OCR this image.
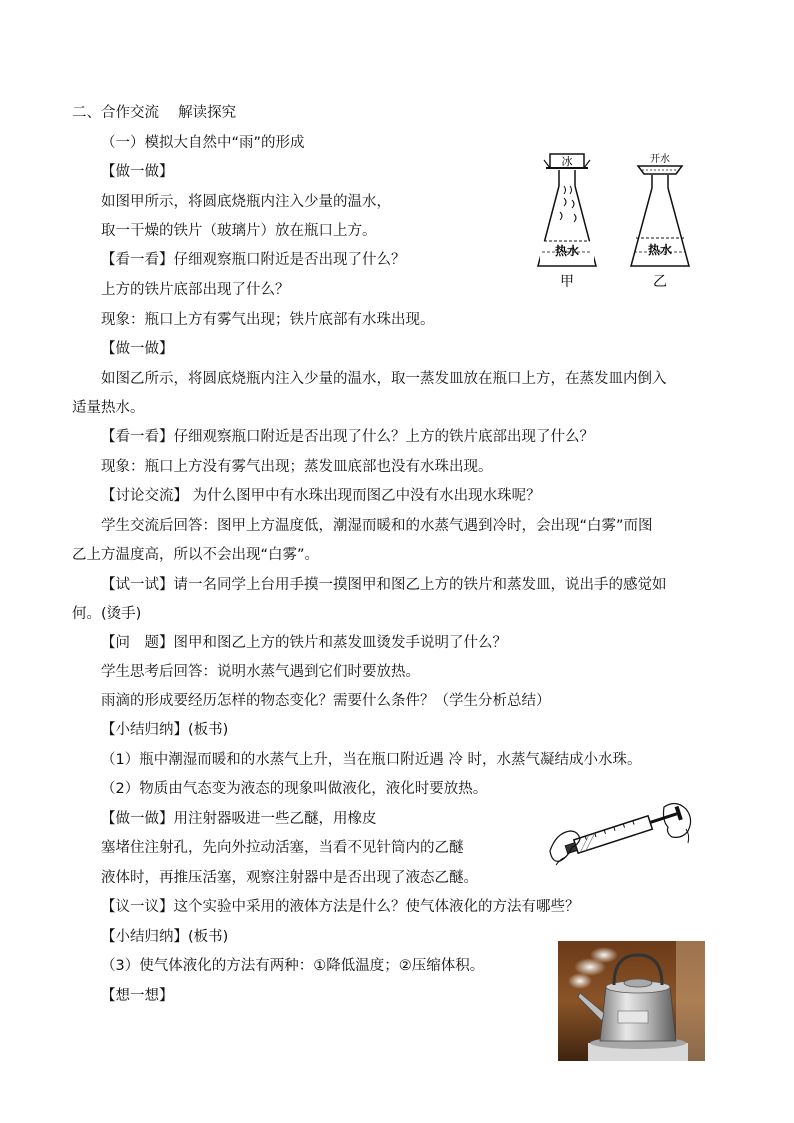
二、合作交流　 解读探究
（一）模拟大自然中“雨”的形成
【做一做】
如图甲所示，将圆底烧瓶内注入少量的温水，
取一干燥的铁片（玻璃片）放在瓶口上方。
【看一看】仔细观察瓶口附近是否出现了什么？
上方的铁片底部出现了什么？
现象：瓶口上方有雾气出现；铁片底部有水珠出现。
【做一做】
如图乙所示，将圆底烧瓶内注入少量的温水，取一蒸发皿放在瓶口上方，在蒸发皿内倒入
适量热水。
【看一看】仔细观察瓶口附近是否出现了什么？上方的铁片底部出现了什么？
现象：瓶口上方没有雾气出现；蒸发皿底部也没有水珠出现。
【讨论交流】 为什么图甲中有水珠出现而图乙中没有水出现水珠呢？
学生交流后回答：图甲上方温度低，潮湿而暖和的水蒸气遇到冷时，会出现“白雾”而图
乙上方温度高，所以不会出现“白雾”。
【试一试】请一名同学上台用手摸一摸图甲和图乙上方的铁片和蒸发皿，说出手的感觉如
何。(烫手)
【问　题】图甲和图乙上方的铁片和蒸发皿烫发手说明了什么？
学生思考后回答：说明水蒸气遇到它们时要放热。
雨滴的形成要经历怎样的物态变化？需要什么条件？（学生分析总结）
【小结归纳】(板书)
（1）瓶中潮湿而暖和的水蒸气上升，当在瓶口附近遇 冷 时，水蒸气凝结成小水珠。
（2）物质由气态变为液态的现象叫做液化，液化时要放热。
【做一做】用注射器吸进一些乙醚，用橡皮
塞堵住注射孔，先向外拉动活塞，当看不见针筒内的乙醚
液体时，再推压活塞，观察注射器中是否出现了液态乙醚。
【议一议】这个实验中采用的液体方法是什么？使气体液化的方法有哪些？
【小结归纳】(板书)
（3）使气体液化的方法有两种：①降低温度；②压缩体积。
【想一想】
冰
热水
甲
开水
热水
乙
